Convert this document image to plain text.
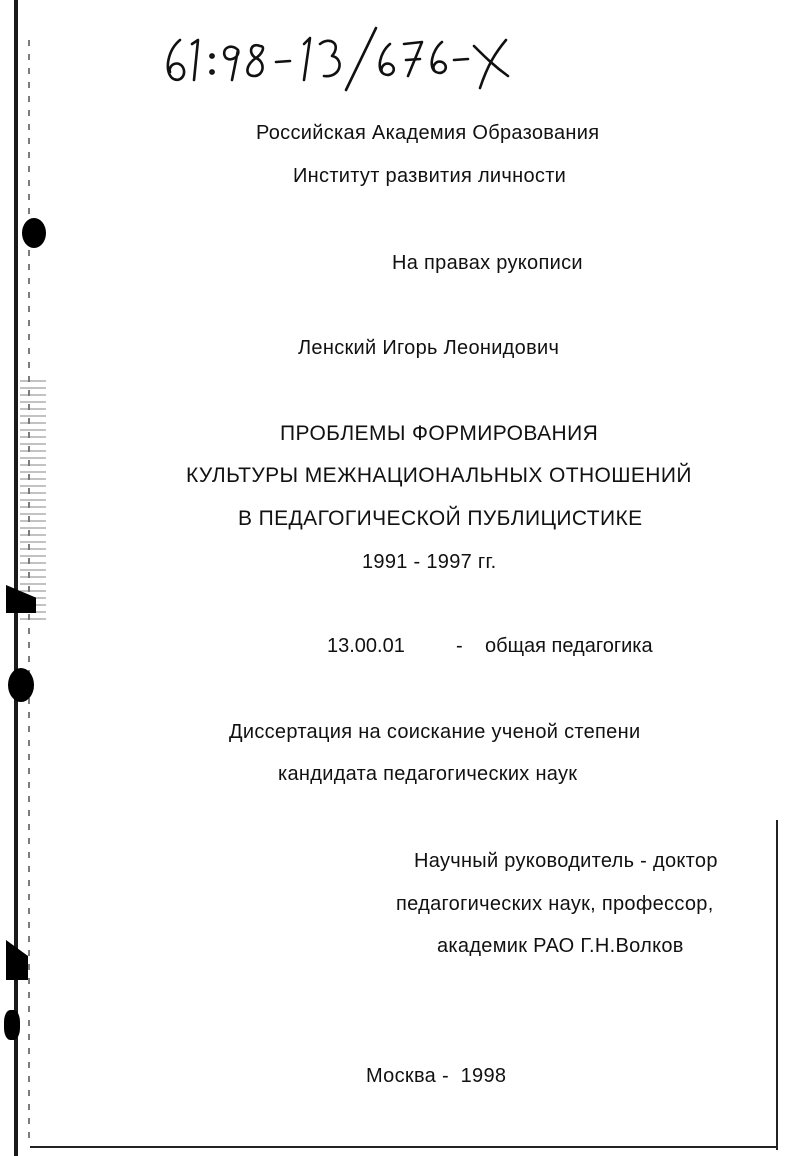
Российская Академия Образования
Институт развития личности
На правах рукописи
Ленский Игорь Леонидович
ПРОБЛЕМЫ ФОРМИРОВАНИЯ
КУЛЬТУРЫ МЕЖНАЦИОНАЛЬНЫХ ОТНОШЕНИЙ
В ПЕДАГОГИЧЕСКОЙ ПУБЛИЦИСТИКЕ
1991 - 1997 гг.
13.00.01	- общая педагогика
Диссертация на соискание ученой степени
кандидата педагогических наук
Научный руководитель - доктор
педагогических наук, профессор,
академик РАО Г.Н.Волков
Москва -  1998
